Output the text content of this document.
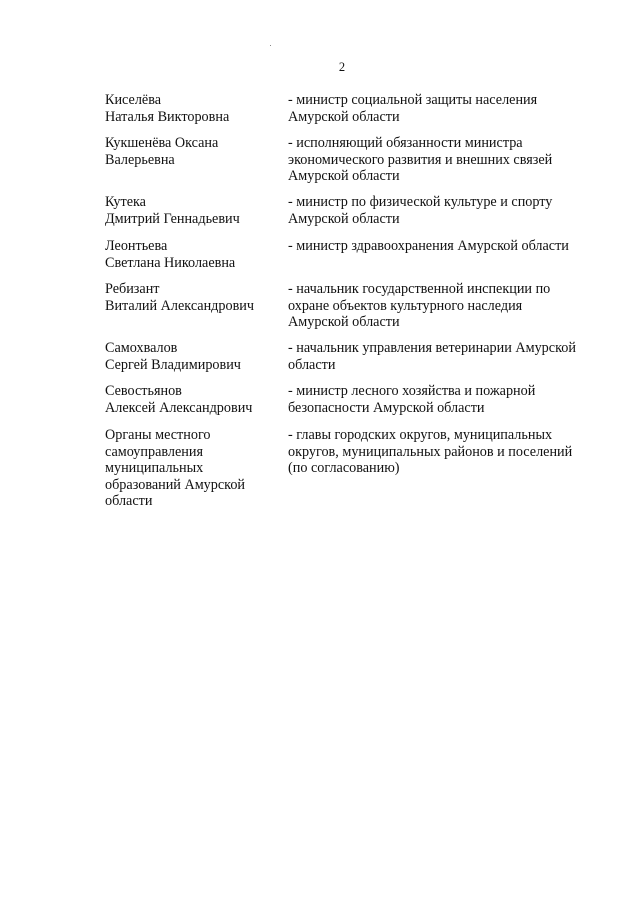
2
Киселёва
Наталья Викторовна
- министр социальной защиты населения
Амурской области
Кукшенёва Оксана
Валерьевна
- исполняющий обязанности министра
экономического развития и внешних связей
Амурской области
Кутека
Дмитрий Геннадьевич
- министр по физической культуре и спорту
Амурской области
Леонтьева
Светлана Николаевна
- министр здравоохранения Амурской области
Ребизант
Виталий Александрович
- начальник государственной инспекции по
охране объектов культурного наследия
Амурской области
Самохвалов
Сергей Владимирович
- начальник управления ветеринарии Амурской
области
Севостьянов
Алексей Александрович
- министр лесного хозяйства и пожарной
безопасности Амурской области
Органы местного
самоуправления
муниципальных
образований Амурской
области
- главы городских округов, муниципальных
округов, муниципальных районов и поселений
(по согласованию)
